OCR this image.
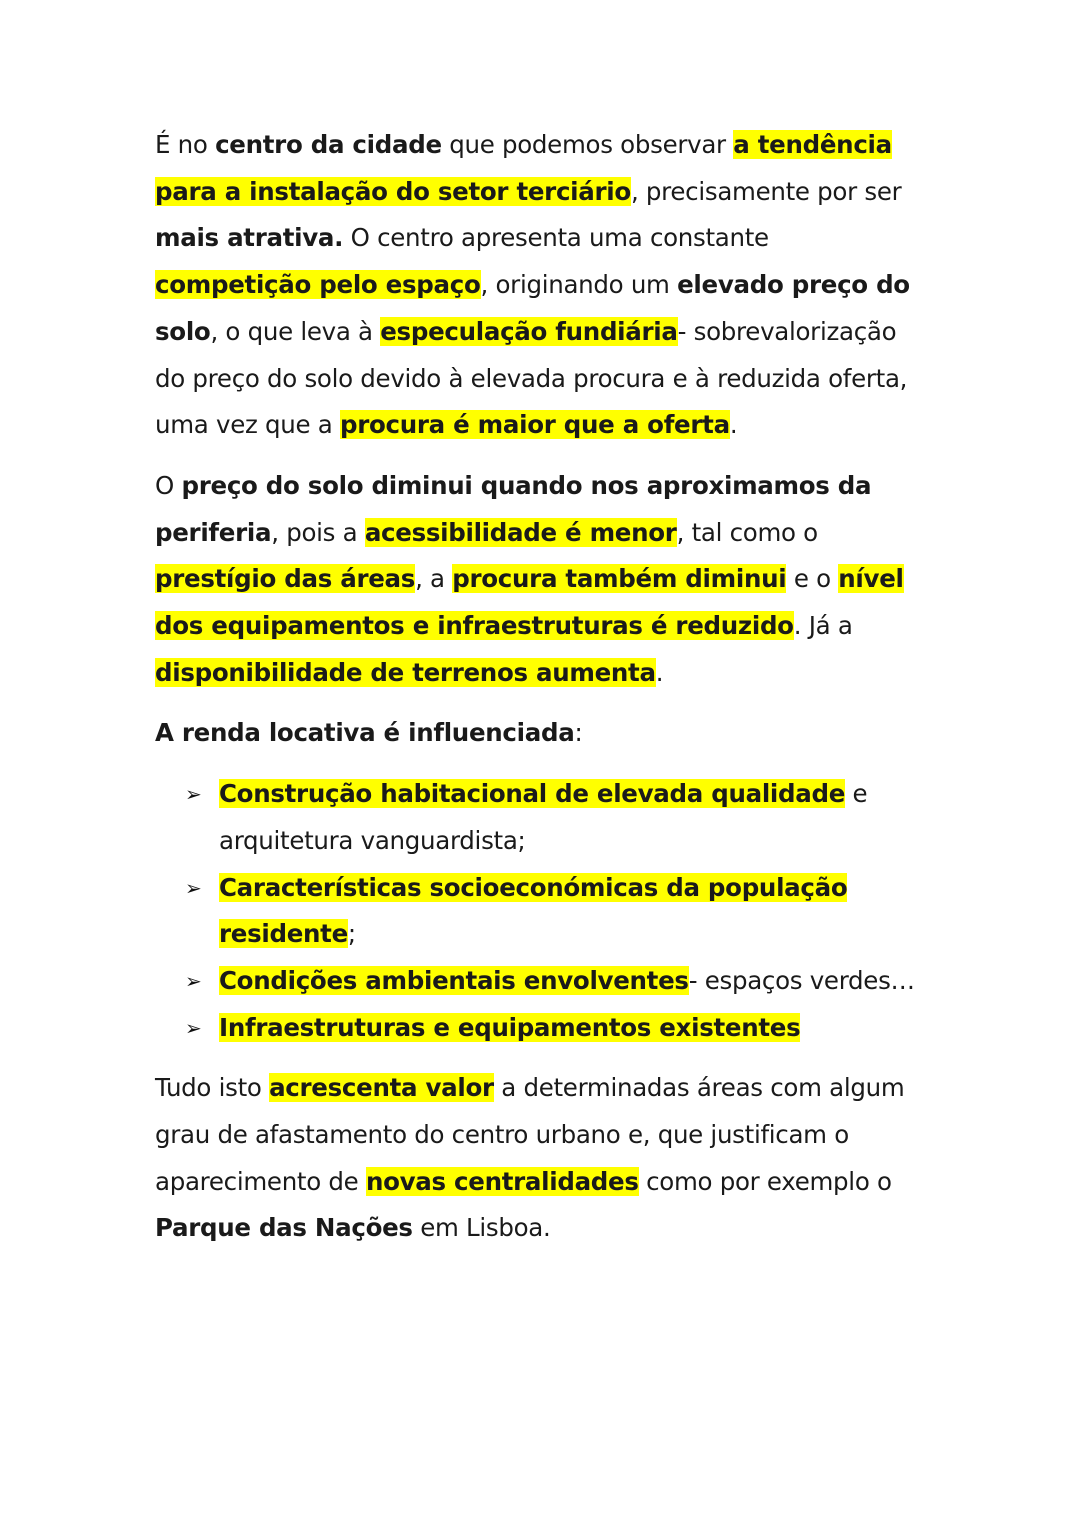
É no centro da cidade que podemos observar a tendência para a instalação do setor terciário, precisamente por ser mais atrativa. O centro apresenta uma constante competição pelo espaço, originando um elevado preço do solo, o que leva à especulação fundiária- sobrevalorização do preço do solo devido à elevada procura e à reduzida oferta, uma vez que a procura é maior que a oferta.

O preço do solo diminui quando nos aproximamos da periferia, pois a acessibilidade é menor, tal como o prestígio das áreas, a procura também diminui e o nível dos equipamentos e infraestruturas é reduzido. Já a disponibilidade de terrenos aumenta.

A renda locativa é influenciada:

➢ Construção habitacional de elevada qualidade e arquitetura vanguardista;
➢ Características socioeconómicas da população residente;
➢ Condições ambientais envolventes- espaços verdes…
➢ Infraestruturas e equipamentos existentes

Tudo isto acrescenta valor a determinadas áreas com algum grau de afastamento do centro urbano e, que justificam o aparecimento de novas centralidades como por exemplo o Parque das Nações em Lisboa.
